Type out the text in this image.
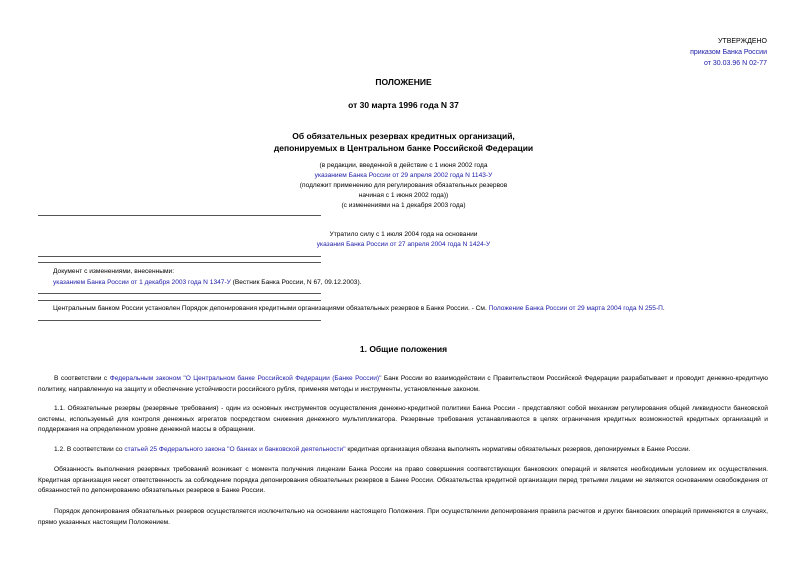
УТВЕРЖДЕНО
приказом Банка России
от 30.03.96 N 02-77
ПОЛОЖЕНИЕ
от 30 марта 1996 года N 37
Об обязательных резервах кредитных организаций,
депонируемых в Центральном банке Российской Федерации
(в редакции, введенной в действие с 1 июня 2002 года
указанием Банка России от 29 апреля 2002 года N 1143-У
(подлежит применению для регулирования обязательных резервов
начиная с 1 июня 2002 года))
(с изменениями на 1 декабря 2003 года)
Утратило силу с 1 июля 2004 года на основании
указания Банка России от 27 апреля 2004 года N 1424-У
Документ с изменениями, внесенными:
указанием Банка России от 1 декабря 2003 года N 1347-У (Вестник Банка России, N 67, 09.12.2003).
Центральным банком России установлен Порядок депонирования кредитными организациями обязательных резервов в Банке России. - См. Положение Банка России от 29 марта 2004 года N 255-П.
1. Общие положения
В соответствии с Федеральным законом "О Центральном банке Российской Федерации (Банке России)" Банк России во взаимодействии с Правительством Российской Федерации разрабатывает и проводит денежно-кредитную политику, направленную на защиту и обеспечение устойчивости российского рубля, применяя методы и инструменты, установленные законом.
1.1. Обязательные резервы (резервные требования) - один из основных инструментов осуществления денежно-кредитной политики Банка России - представляют собой механизм регулирования общей ликвидности банковской системы, используемый для контроля денежных агрегатов посредством снижения денежного мультипликатора. Резервные требования устанавливаются в целях ограничения кредитных возможностей кредитных организаций и поддержания на определенном уровне денежной массы в обращении.
1.2. В соответствии со статьей 25 Федерального закона "О банках и банковской деятельности" кредитная организация обязана выполнять нормативы обязательных резервов, депонируемых в Банке России.
Обязанность выполнения резервных требований возникает с момента получения лицензии Банка России на право совершения соответствующих банковских операций и является необходимым условием их осуществления. Кредитная организация несет ответственность за соблюдение порядка депонирования обязательных резервов в Банке России. Обязательства кредитной организации перед третьими лицами не являются основанием освобождения от обязанностей по депонированию обязательных резервов в Банке России.
Порядок депонирования обязательных резервов осуществляется исключительно на основании настоящего Положения. При осуществлении депонирования правила расчетов и других банковских операций применяются в случаях, прямо указанных настоящим Положением.
